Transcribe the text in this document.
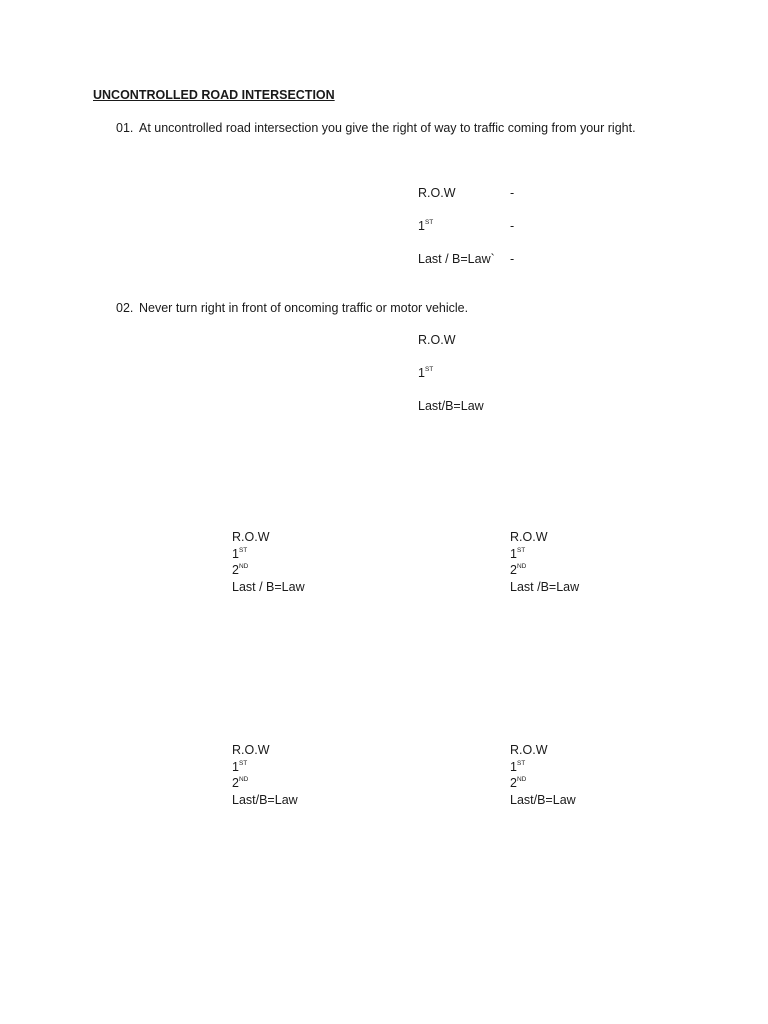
UNCONTROLLED ROAD INTERSECTION
01. At uncontrolled road intersection you give the right of way to traffic coming from your right.
R.O.W	-
1ST	-
Last / B=Law` -
02. Never turn right in front of oncoming traffic or motor vehicle.
R.O.W
1ST
Last/B=Law
R.O.W
1ST
2ND
Last / B=Law
R.O.W
1ST
2ND
Last /B=Law
R.O.W
1ST
2ND
Last/B=Law
R.O.W
1ST
2ND
Last/B=Law
